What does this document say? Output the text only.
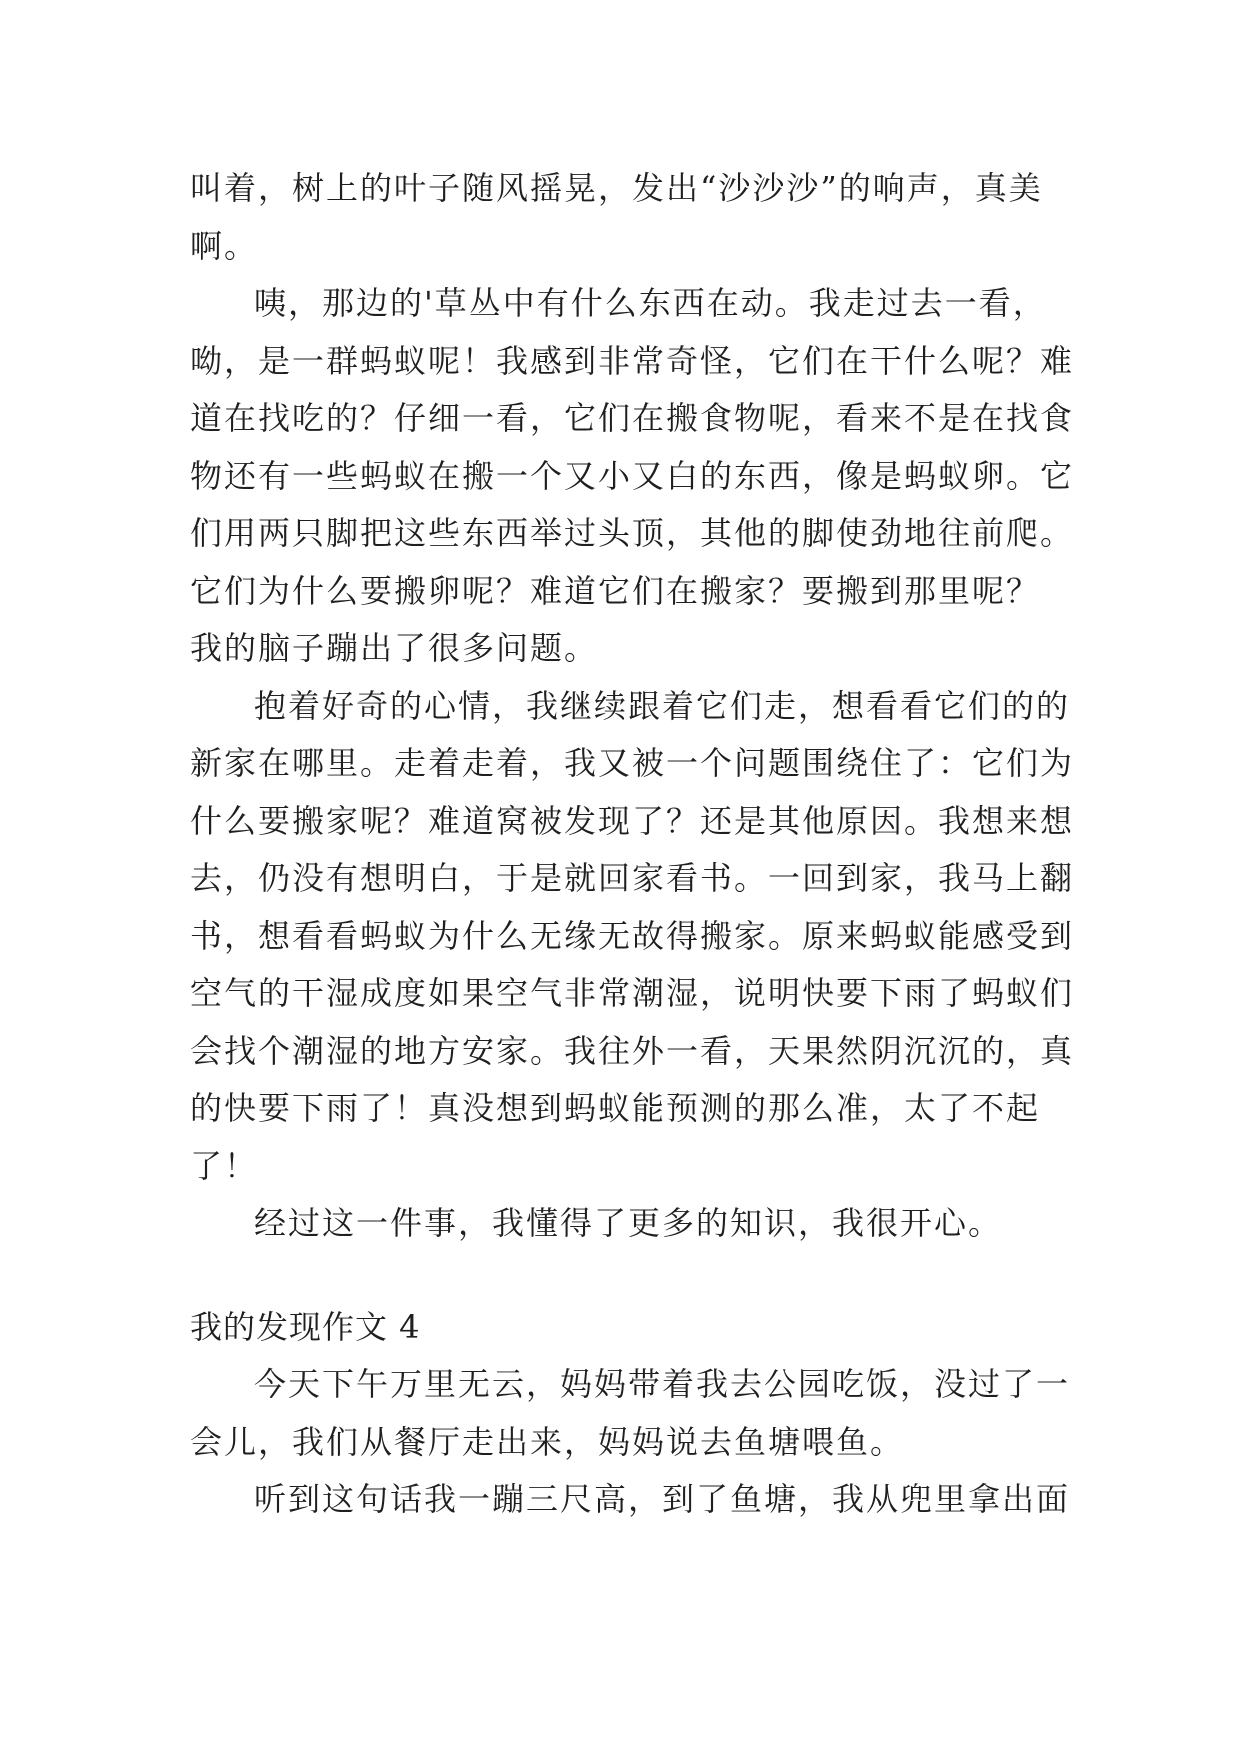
叫着，树上的叶子随风摇晃，发出“沙沙沙”的响声，真美
啊。
咦，那边的'草丛中有什么东西在动。我走过去一看，
呦，是一群蚂蚁呢！我感到非常奇怪，它们在干什么呢？难
道在找吃的？仔细一看，它们在搬食物呢，看来不是在找食
物还有一些蚂蚁在搬一个又小又白的东西，像是蚂蚁卵。它
们用两只脚把这些东西举过头顶，其他的脚使劲地往前爬。
它们为什么要搬卵呢？难道它们在搬家？要搬到那里呢？
我的脑子蹦出了很多问题。
抱着好奇的心情，我继续跟着它们走，想看看它们的的
新家在哪里。走着走着，我又被一个问题围绕住了：它们为
什么要搬家呢？难道窝被发现了？还是其他原因。我想来想
去，仍没有想明白，于是就回家看书。一回到家，我马上翻
书，想看看蚂蚁为什么无缘无故得搬家。原来蚂蚁能感受到
空气的干湿成度如果空气非常潮湿，说明快要下雨了蚂蚁们
会找个潮湿的地方安家。我往外一看，天果然阴沉沉的，真
的快要下雨了！真没想到蚂蚁能预测的那么准，太了不起
了！
经过这一件事，我懂得了更多的知识，我很开心。
我的发现作文 4
今天下午万里无云，妈妈带着我去公园吃饭，没过了一
会儿，我们从餐厅走出来，妈妈说去鱼塘喂鱼。
听到这句话我一蹦三尺高，到了鱼塘，我从兜里拿出面
